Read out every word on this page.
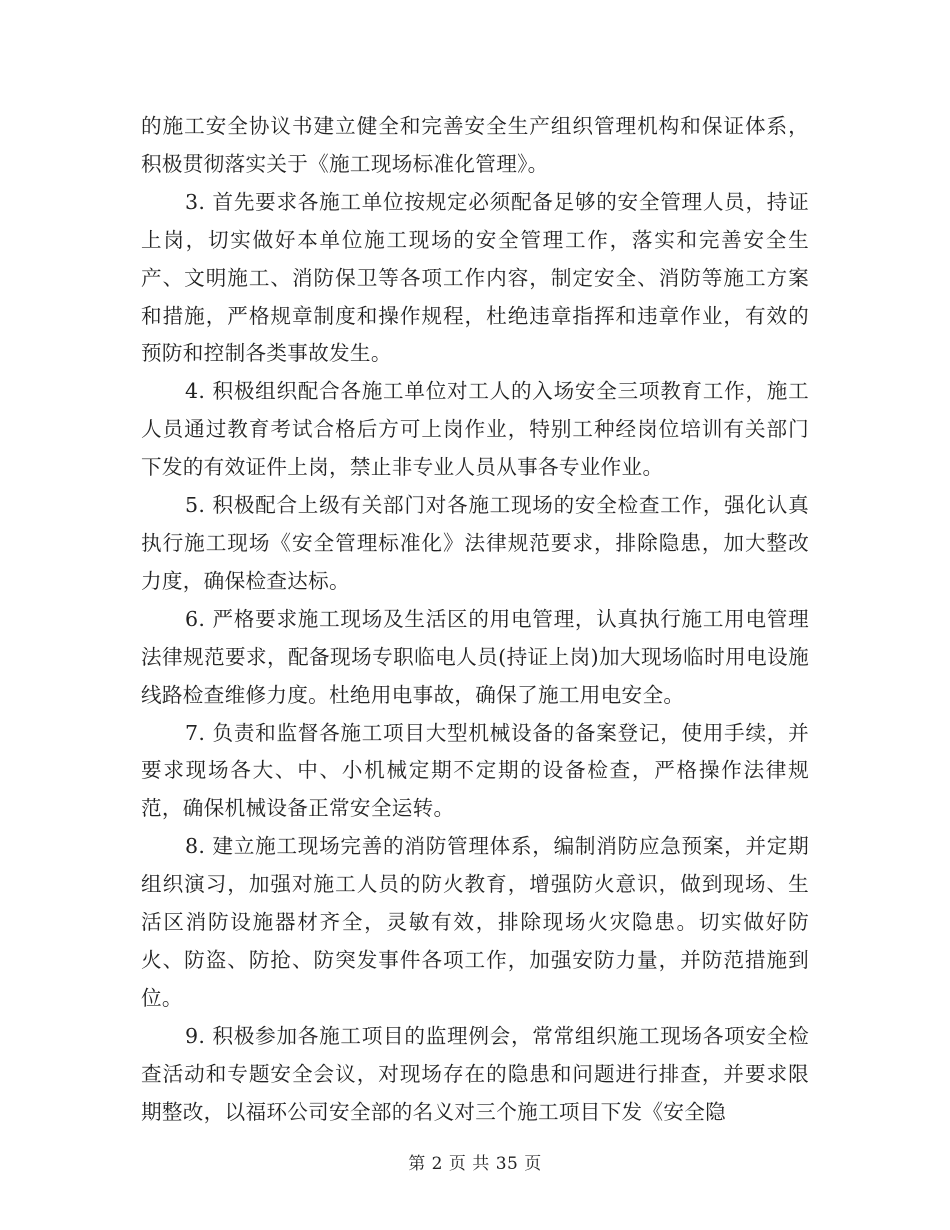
的施工安全协议书建立健全和完善安全生产组织管理机构和保证体系，积极贯彻落实关于《施工现场标准化管理》。

3. 首先要求各施工单位按规定必须配备足够的安全管理人员，持证上岗，切实做好本单位施工现场的安全管理工作，落实和完善安全生产、文明施工、消防保卫等各项工作内容，制定安全、消防等施工方案和措施，严格规章制度和操作规程，杜绝违章指挥和违章作业，有效的预防和控制各类事故发生。

4. 积极组织配合各施工单位对工人的入场安全三项教育工作，施工人员通过教育考试合格后方可上岗作业，特别工种经岗位培训有关部门下发的有效证件上岗，禁止非专业人员从事各专业作业。

5. 积极配合上级有关部门对各施工现场的安全检查工作，强化认真执行施工现场《安全管理标准化》法律规范要求，排除隐患，加大整改力度，确保检查达标。

6. 严格要求施工现场及生活区的用电管理，认真执行施工用电管理法律规范要求，配备现场专职临电人员(持证上岗)加大现场临时用电设施线路检查维修力度。杜绝用电事故，确保了施工用电安全。

7. 负责和监督各施工项目大型机械设备的备案登记，使用手续，并要求现场各大、中、小机械定期不定期的设备检查，严格操作法律规范，确保机械设备正常安全运转。

8. 建立施工现场完善的消防管理体系，编制消防应急预案，并定期组织演习，加强对施工人员的防火教育，增强防火意识，做到现场、生活区消防设施器材齐全，灵敏有效，排除现场火灾隐患。切实做好防火、防盗、防抢、防突发事件各项工作，加强安防力量，并防范措施到位。

9. 积极参加各施工项目的监理例会，常常组织施工现场各项安全检查活动和专题安全会议，对现场存在的隐患和问题进行排查，并要求限期整改，以福环公司安全部的名义对三个施工项目下发《安全隐

第 2 页 共 35 页
